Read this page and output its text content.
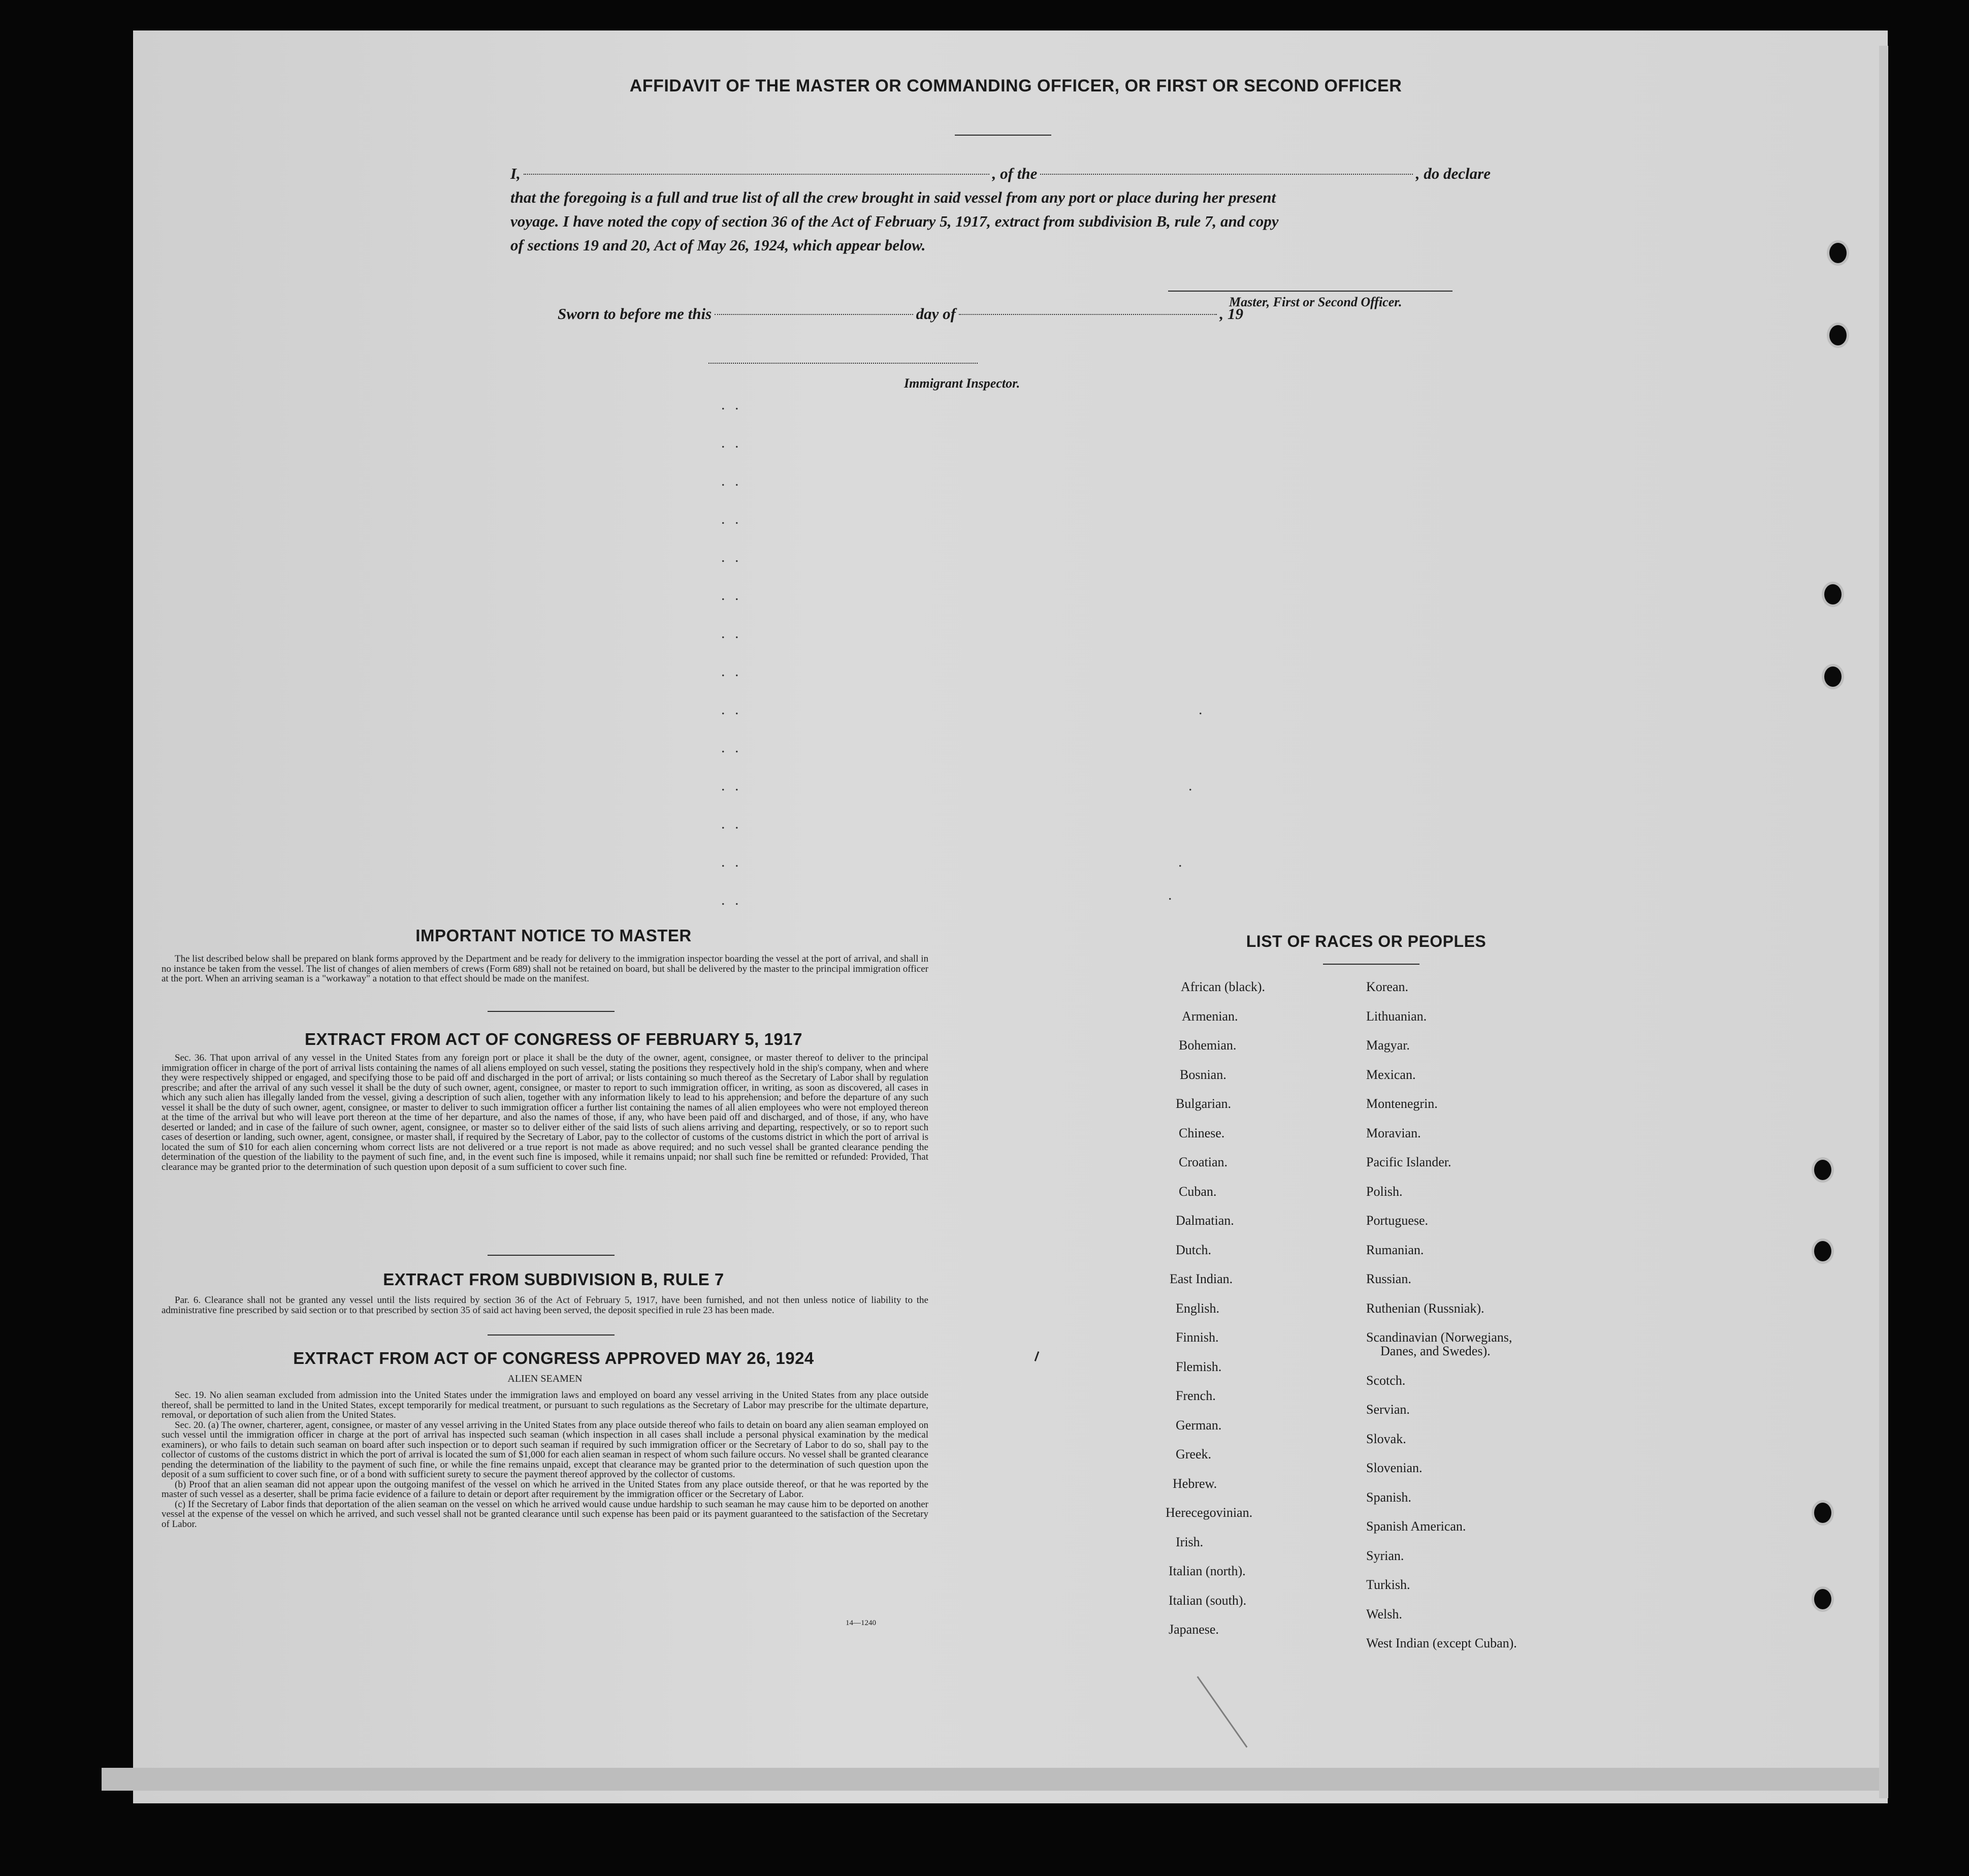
AFFIDAVIT OF THE MASTER OR COMMANDING OFFICER, OR FIRST OR SECOND OFFICER
I,	, of the	, do declare
that the foregoing is a full and true list of all the crew brought in said vessel from any port or place during her present
voyage. I have noted the copy of section 36 of the Act of February 5, 1917, extract from subdivision B, rule 7, and copy
of sections 19 and 20, Act of May 26, 1924, which appear below.
Master, First or Second Officer.
Sworn to before me this	day of	, 19
Immigrant Inspector.
. .
. .
. .
. .
. .
. .
. .
. .
. .
. .
. .
. .
. .
. .
.
.
.
.
IMPORTANT NOTICE TO MASTER

The list described below shall be prepared on blank forms approved by the Department and be ready for delivery to the immigration inspector boarding the vessel at the port of arrival, and shall in no instance be taken from the vessel. The list of changes of alien members of crews (Form 689) shall not be retained on board, but shall be delivered by the master to the principal immigration officer at the port. When an arriving seaman is a "workaway" a notation to that effect should be made on the manifest.

EXTRACT FROM ACT OF CONGRESS OF FEBRUARY 5, 1917

Sec. 36. That upon arrival of any vessel in the United States from any foreign port or place it shall be the duty of the owner, agent, consignee, or master thereof to deliver to the principal immigration officer in charge of the port of arrival lists containing the names of all aliens employed on such vessel, stating the positions they respectively hold in the ship's company, when and where they were respectively shipped or engaged, and specifying those to be paid off and discharged in the port of arrival; or lists containing so much thereof as the Secretary of Labor shall by regulation prescribe; and after the arrival of any such vessel it shall be the duty of such owner, agent, consignee, or master to report to such immigration officer, in writing, as soon as discovered, all cases in which any such alien has illegally landed from the vessel, giving a description of such alien, together with any information likely to lead to his apprehension; and before the departure of any such vessel it shall be the duty of such owner, agent, consignee, or master to deliver to such immigration officer a further list containing the names of all alien employees who were not employed thereon at the time of the arrival but who will leave port thereon at the time of her departure, and also the names of those, if any, who have been paid off and discharged, and of those, if any, who have deserted or landed; and in case of the failure of such owner, agent, consignee, or master so to deliver either of the said lists of such aliens arriving and departing, respectively, or so to report such cases of desertion or landing, such owner, agent, consignee, or master shall, if required by the Secretary of Labor, pay to the collector of customs of the customs district in which the port of arrival is located the sum of $10 for each alien concerning whom correct lists are not delivered or a true report is not made as above required; and no such vessel shall be granted clearance pending the determination of the question of the liability to the payment of such fine, and, in the event such fine is imposed, while it remains unpaid; nor shall such fine be remitted or refunded: Provided, That clearance may be granted prior to the determination of such question upon deposit of a sum sufficient to cover such fine.

EXTRACT FROM SUBDIVISION B, RULE 7

Par. 6. Clearance shall not be granted any vessel until the lists required by section 36 of the Act of February 5, 1917, have been furnished, and not then unless notice of liability to the administrative fine prescribed by said section or to that prescribed by section 35 of said act having been served, the deposit specified in rule 23 has been made.

EXTRACT FROM ACT OF CONGRESS APPROVED MAY 26, 1924
ALIEN SEAMEN

Sec. 19. No alien seaman excluded from admission into the United States under the immigration laws and employed on board any vessel arriving in the United States from any place outside thereof, shall be permitted to land in the United States, except temporarily for medical treatment, or pursuant to such regulations as the Secretary of Labor may prescribe for the ultimate departure, removal, or deportation of such alien from the United States.

Sec. 20. (a) The owner, charterer, agent, consignee, or master of any vessel arriving in the United States from any place outside thereof who fails to detain on board any alien seaman employed on such vessel until the immigration officer in charge at the port of arrival has inspected such seaman (which inspection in all cases shall include a personal physical examination by the medical examiners), or who fails to detain such seaman on board after such inspection or to deport such seaman if required by such immigration officer or the Secretary of Labor to do so, shall pay to the collector of customs of the customs district in which the port of arrival is located the sum of $1,000 for each alien seaman in respect of whom such failure occurs. No vessel shall be granted clearance pending the determination of the liability to the payment of such fine, or while the fine remains unpaid, except that clearance may be granted prior to the determination of such question upon the deposit of a sum sufficient to cover such fine, or of a bond with sufficient surety to secure the payment thereof approved by the collector of customs.

(b) Proof that an alien seaman did not appear upon the outgoing manifest of the vessel on which he arrived in the United States from any place outside thereof, or that he was reported by the master of such vessel as a deserter, shall be prima facie evidence of a failure to detain or deport after requirement by the immigration officer or the Secretary of Labor.

(c) If the Secretary of Labor finds that deportation of the alien seaman on the vessel on which he arrived would cause undue hardship to such seaman he may cause him to be deported on another vessel at the expense of the vessel on which he arrived, and such vessel shall not be granted clearance until such expense has been paid or its payment guaranteed to the satisfaction of the Secretary of Labor.

14—1240
LIST OF RACES OR PEOPLES
African (black).
Armenian.
Bohemian.
Bosnian.
Bulgarian.
Chinese.
Croatian.
Cuban.
Dalmatian.
Dutch.
East Indian.
English.
Finnish.
Flemish.
French.
German.
Greek.
Hebrew.
Herecegovinian.
Irish.
Italian (north).
Italian (south).
Japanese.
Korean.
Lithuanian.
Magyar.
Mexican.
Montenegrin.
Moravian.
Pacific Islander.
Polish.
Portuguese.
Rumanian.
Russian.
Ruthenian (Russniak).
Scandinavian (Norwegians,
Danes, and Swedes).
Scotch.
Servian.
Slovak.
Slovenian.
Spanish.
Spanish American.
Syrian.
Turkish.
Welsh.
West Indian (except Cuban).
